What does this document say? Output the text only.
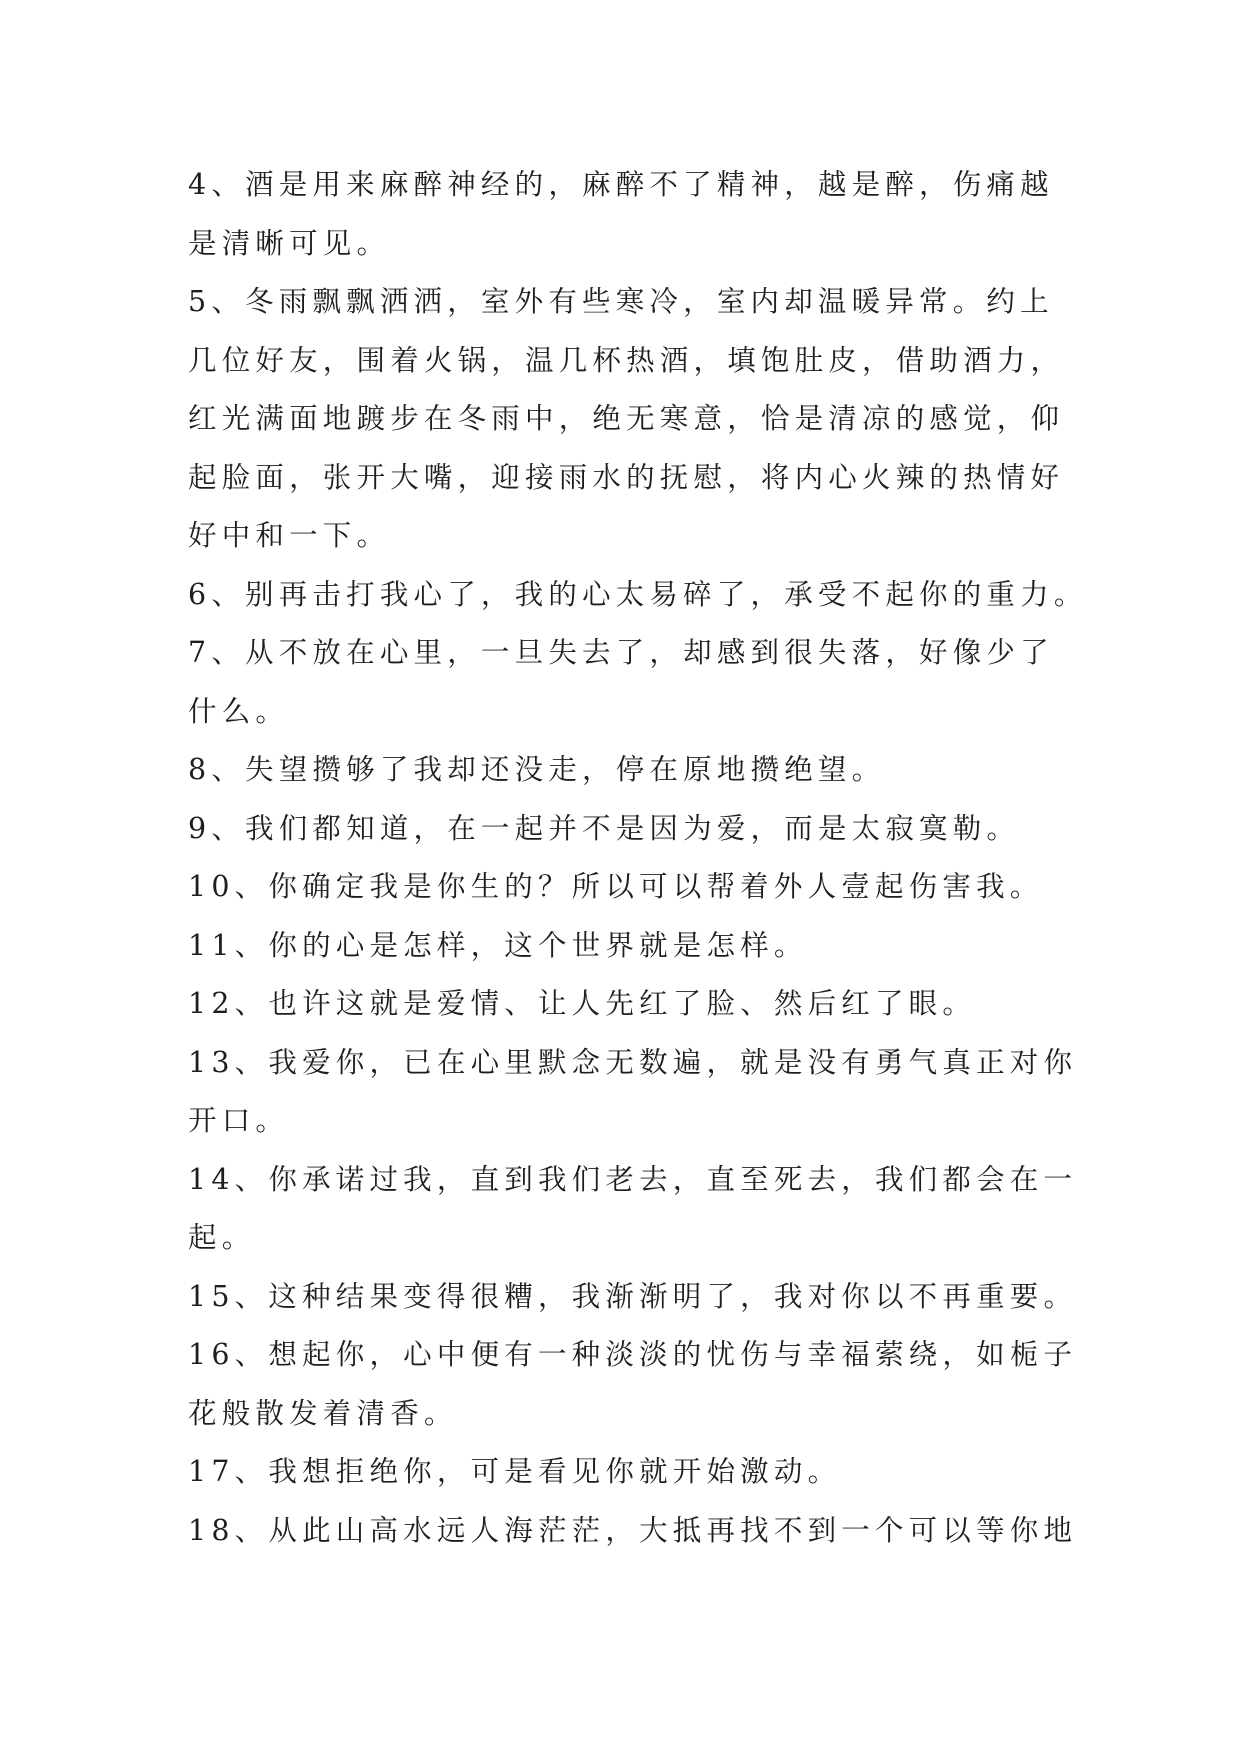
4、酒是用来麻醉神经的，麻醉不了精神，越是醉，伤痛越
是清晰可见。
5、冬雨飘飘洒洒，室外有些寒冷，室内却温暖异常。约上
几位好友，围着火锅，温几杯热酒，填饱肚皮，借助酒力，
红光满面地踱步在冬雨中，绝无寒意，恰是清凉的感觉，仰
起脸面，张开大嘴，迎接雨水的抚慰，将内心火辣的热情好
好中和一下。
6、别再击打我心了，我的心太易碎了，承受不起你的重力。
7、从不放在心里，一旦失去了，却感到很失落，好像少了
什么。
8、失望攒够了我却还没走，停在原地攒绝望。
9、我们都知道，在一起并不是因为爱，而是太寂寞勒。
10、你确定我是你生的？所以可以帮着外人壹起伤害我。
11、你的心是怎样，这个世界就是怎样。
12、也许这就是爱情、让人先红了脸、然后红了眼。
13、我爱你，已在心里默念无数遍，就是没有勇气真正对你
开口。
14、你承诺过我，直到我们老去，直至死去，我们都会在一
起。
15、这种结果变得很糟，我渐渐明了，我对你以不再重要。
16、想起你，心中便有一种淡淡的忧伤与幸福萦绕，如栀子
花般散发着清香。
17、我想拒绝你，可是看见你就开始激动。
18、从此山高水远人海茫茫，大抵再找不到一个可以等你地
